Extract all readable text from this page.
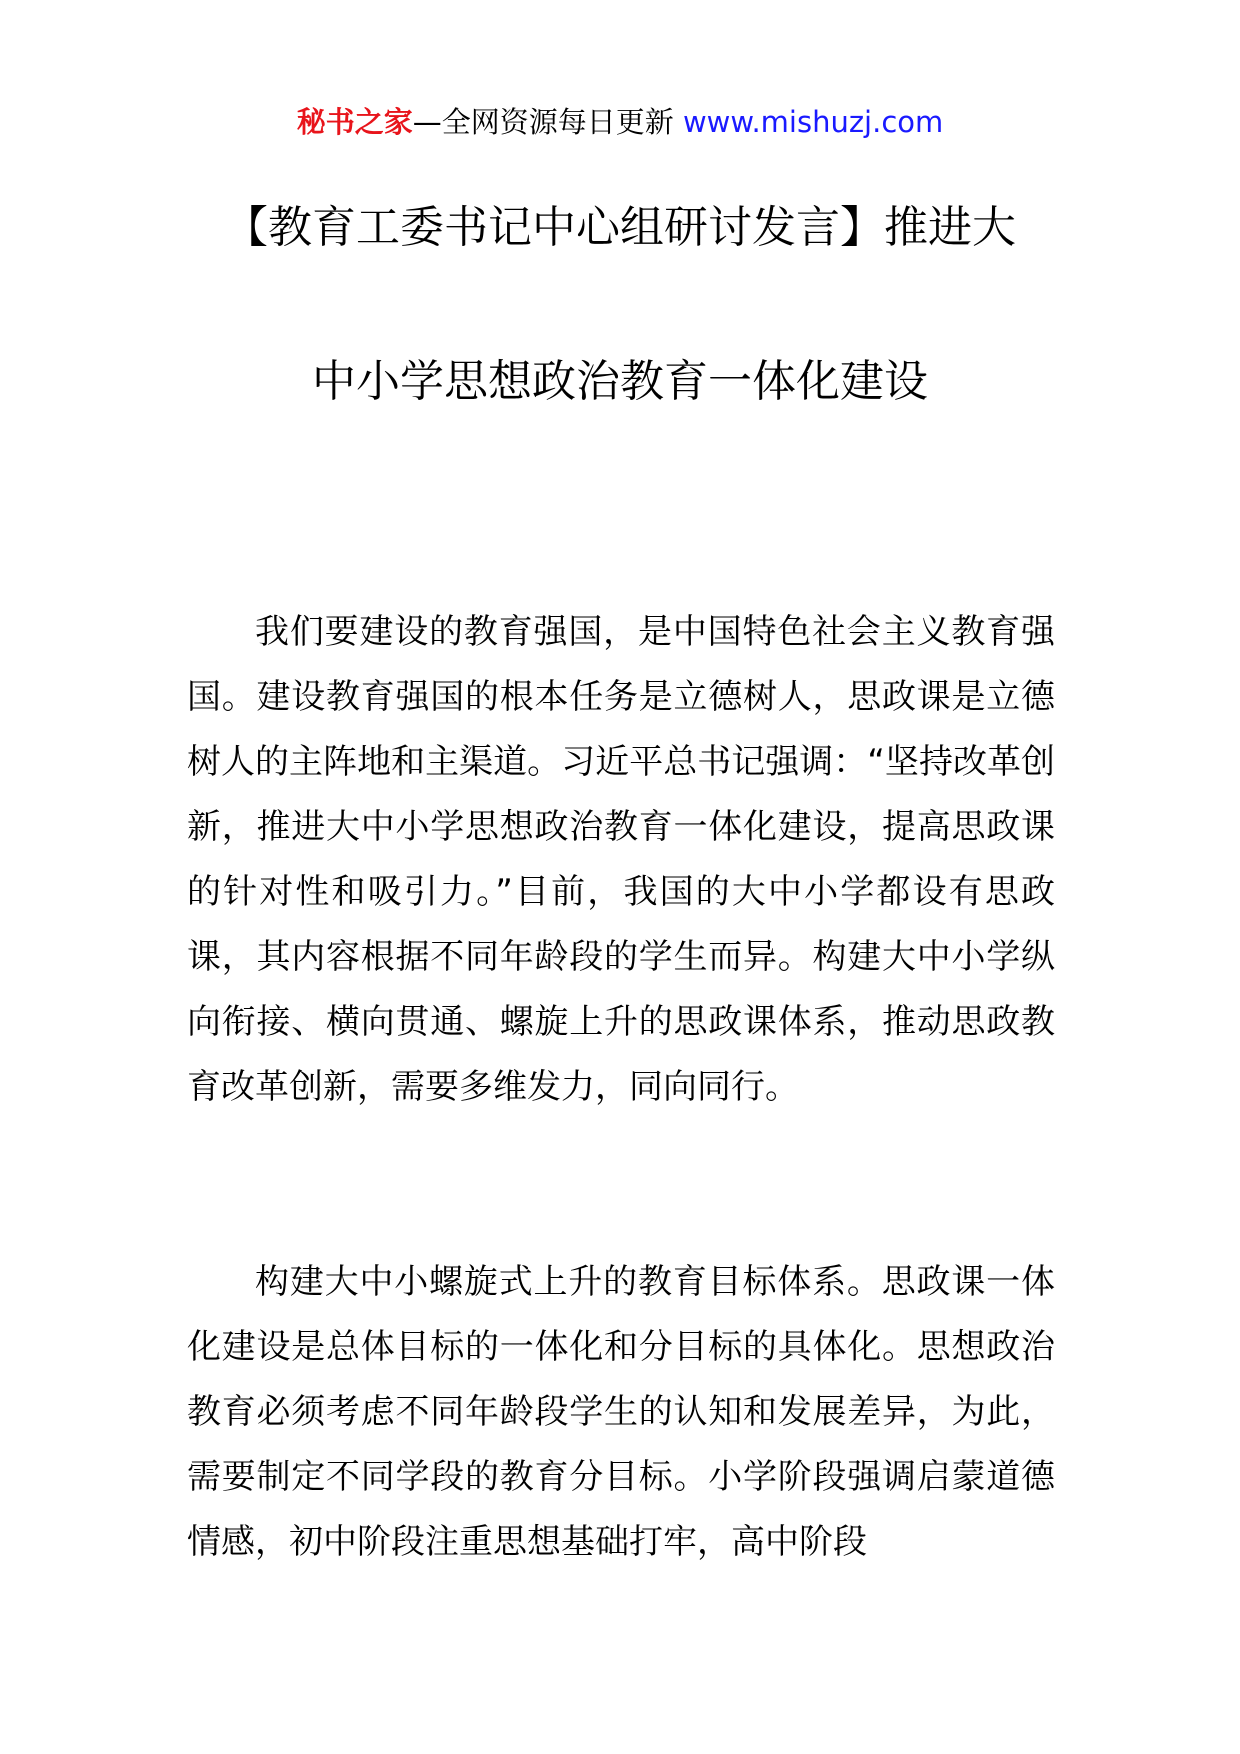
秘书之家—全网资源每日更新 www.mishuzj.com
【教育工委书记中心组研讨发言】推进大
中小学思想政治教育一体化建设

我们要建设的教育强国，是中国特色社会主义教育强国。建设教育强国的根本任务是立德树人，思政课是立德树人的主阵地和主渠道。习近平总书记强调：“坚持改革创新，推进大中小学思想政治教育一体化建设，提高思政课的针对性和吸引力。”目前，我国的大中小学都设有思政课，其内容根据不同年龄段的学生而异。构建大中小学纵向衔接、横向贯通、螺旋上升的思政课体系，推动思政教育改革创新，需要多维发力，同向同行。

构建大中小螺旋式上升的教育目标体系。思政课一体化建设是总体目标的一体化和分目标的具体化。思想政治教育必须考虑不同年龄段学生的认知和发展差异，为此，需要制定不同学段的教育分目标。小学阶段强调启蒙道德情感，初中阶段注重思想基础打牢，高中阶段
